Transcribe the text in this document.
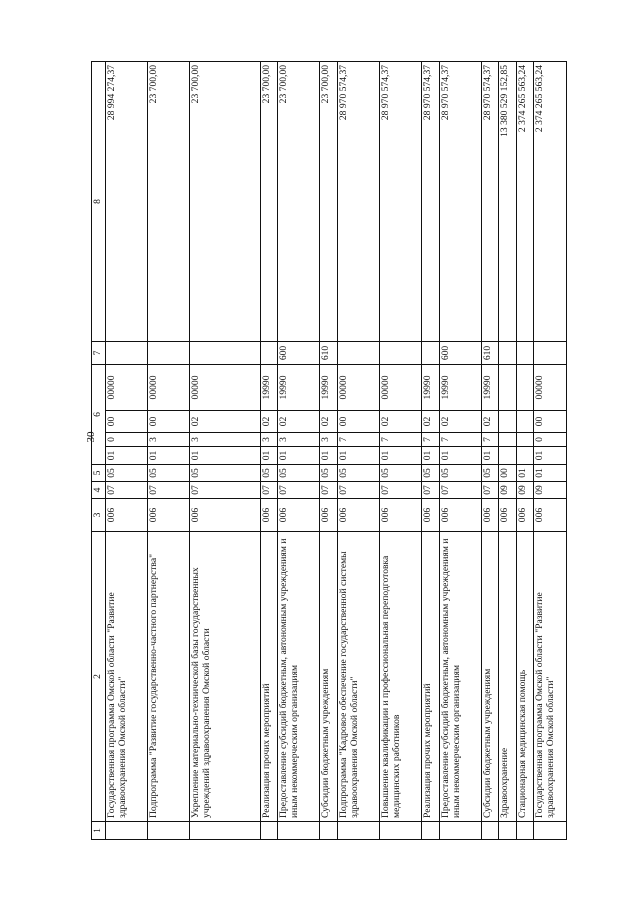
30
1	2	3	4	5	6				7	8
	Государственная программа Омской области "Развитие здравоохранения Омской области"	006	07	05	01	0	00	00000		28 994 274,37
	Подпрограмма "Развитие государственно-частного партнерства"	006	07	05	01	3	00	00000		23 700,00
	Укрепление материально-технической базы государственных учреждений здравоохранения Омской области	006	07	05	01	3	02	00000		23 700,00
	Реализация прочих мероприятий	006	07	05	01	3	02	19990		23 700,00
	Предоставление субсидий бюджетным, автономным учреждениям и иным некоммерческим организациям	006	07	05	01	3	02	19990	600	23 700,00
	Субсидии бюджетным учреждениям	006	07	05	01	3	02	19990	610	23 700,00
	Подпрограмма "Кадровое обеспечение государственной системы здравоохранения Омской области"	006	07	05	01	7	00	00000		28 970 574,37
	Повышение квалификации и профессиональная переподготовка медицинских работников	006	07	05	01	7	02	00000		28 970 574,37
	Реализация прочих мероприятий	006	07	05	01	7	02	19990		28 970 574,37
	Предоставление субсидий бюджетным, автономным учреждениям и иным некоммерческим организациям	006	07	05	01	7	02	19990	600	28 970 574,37
	Субсидии бюджетным учреждениям	006	07	05	01	7	02	19990	610	28 970 574,37
	Здравоохранение	006	09	00						13 380 529 152,85
	Стационарная медицинская помощь	006	09	01						2 374 265 563,24
	Государственная программа Омской области "Развитие здравоохранения Омской области"	006	09	01	01	0	00	00000		2 374 265 563,24
